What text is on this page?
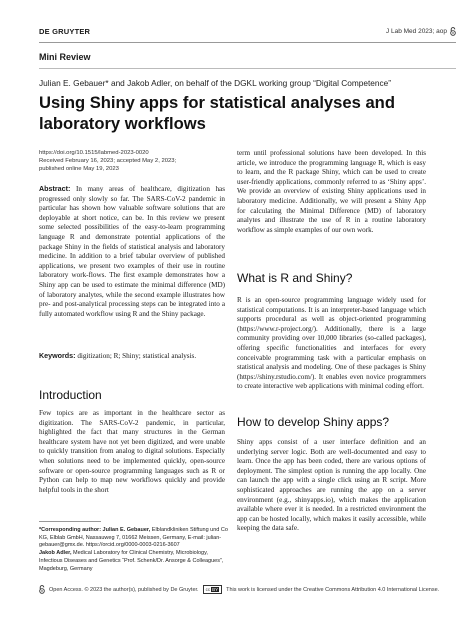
DE GRUYTER	J Lab Med 2023; aop
Mini Review
Julian E. Gebauer* and Jakob Adler, on behalf of the DGKL working group “Digital Competence”
Using Shiny apps for statistical analyses and laboratory workflows
https://doi.org/10.1515/labmed-2023-0020
Received February 16, 2023; accepted May 2, 2023;
published online May 19, 2023
Abstract: In many areas of healthcare, digitization has progressed only slowly so far. The SARS-CoV-2 pandemic in particular has shown how valuable software solutions that are deployable at short notice, can be. In this review we present some selected possibilities of the easy-to-learn programming language R and demonstrate potential applications of the package Shiny in the fields of statistical analysis and laboratory medicine. In addition to a brief tabular overview of published applications, we present two examples of their use in routine laboratory work-flows. The first example demonstrates how a Shiny app can be used to estimate the minimal difference (MD) of laboratory analytes, while the second example illustrates how pre- and post-analytical processing steps can be integrated into a fully automated workflow using R and the Shiny package.
Keywords: digitization; R; Shiny; statistical analysis.
Introduction
Few topics are as important in the healthcare sector as digitization. The SARS-CoV-2 pandemic, in particular, highlighted the fact that many structures in the German healthcare system have not yet been digitized, and were unable to quickly transition from analog to digital solutions. Especially when solutions need to be implemented quickly, open-source software or open-source programming languages such as R or Python can help to map new workflows quickly and provide helpful tools in the short
*Corresponding author: Julian E. Gebauer, Elblandkliniken Stiftung und Co KG, Elblab GmbH, Nassauweg 7, 01662 Meissen, Germany, E-mail: julian-gebauer@gmx.de. https://orcid.org/0000-0003-0216-3607
Jakob Adler, Medical Laboratory for Clinical Chemistry, Microbiology, Infectious Diseases and Genetics “Prof. Schenk/Dr. Ansorge & Colleagues”, Magdeburg, Germany
term until professional solutions have been developed. In this article, we introduce the programming language R, which is easy to learn, and the R package Shiny, which can be used to create user-friendly applications, commonly referred to as ‘Shiny apps’. We provide an overview of existing Shiny applications used in laboratory medicine. Additionally, we will present a Shiny App for calculating the Minimal Difference (MD) of laboratory analytes and illustrate the use of R in a routine laboratory workflow as simple examples of our own work.
What is R and Shiny?
R is an open-source programming language widely used for statistical computations. It is an interpreter-based language which supports procedural as well as object-oriented programming (https://www.r-project.org/). Additionally, there is a large community providing over 10,000 libraries (so-called packages), offering specific functionalities and interfaces for every conceivable programming task with a particular emphasis on statistical analysis and modeling. One of these packages is Shiny (https://shiny.rstudio.com/). It enables even novice programmers to create interactive web applications with minimal coding effort.
How to develop Shiny apps?
Shiny apps consist of a user interface definition and an underlying server logic. Both are well-documented and easy to learn. Once the app has been coded, there are various options of deployment. The simplest option is running the app locally. One can launch the app with a single click using an R script. More sophisticated approaches are running the app on a server environment (e.g., shinyapps.io), which makes the application available where ever it is needed. In a restricted environment the app can be hosted locally, which makes it easily accessible, while keeping the data safe.
Open Access. © 2023 the author(s), published by De Gruyter. cc BY This work is licensed under the Creative Commons Attribution 4.0 International License.
